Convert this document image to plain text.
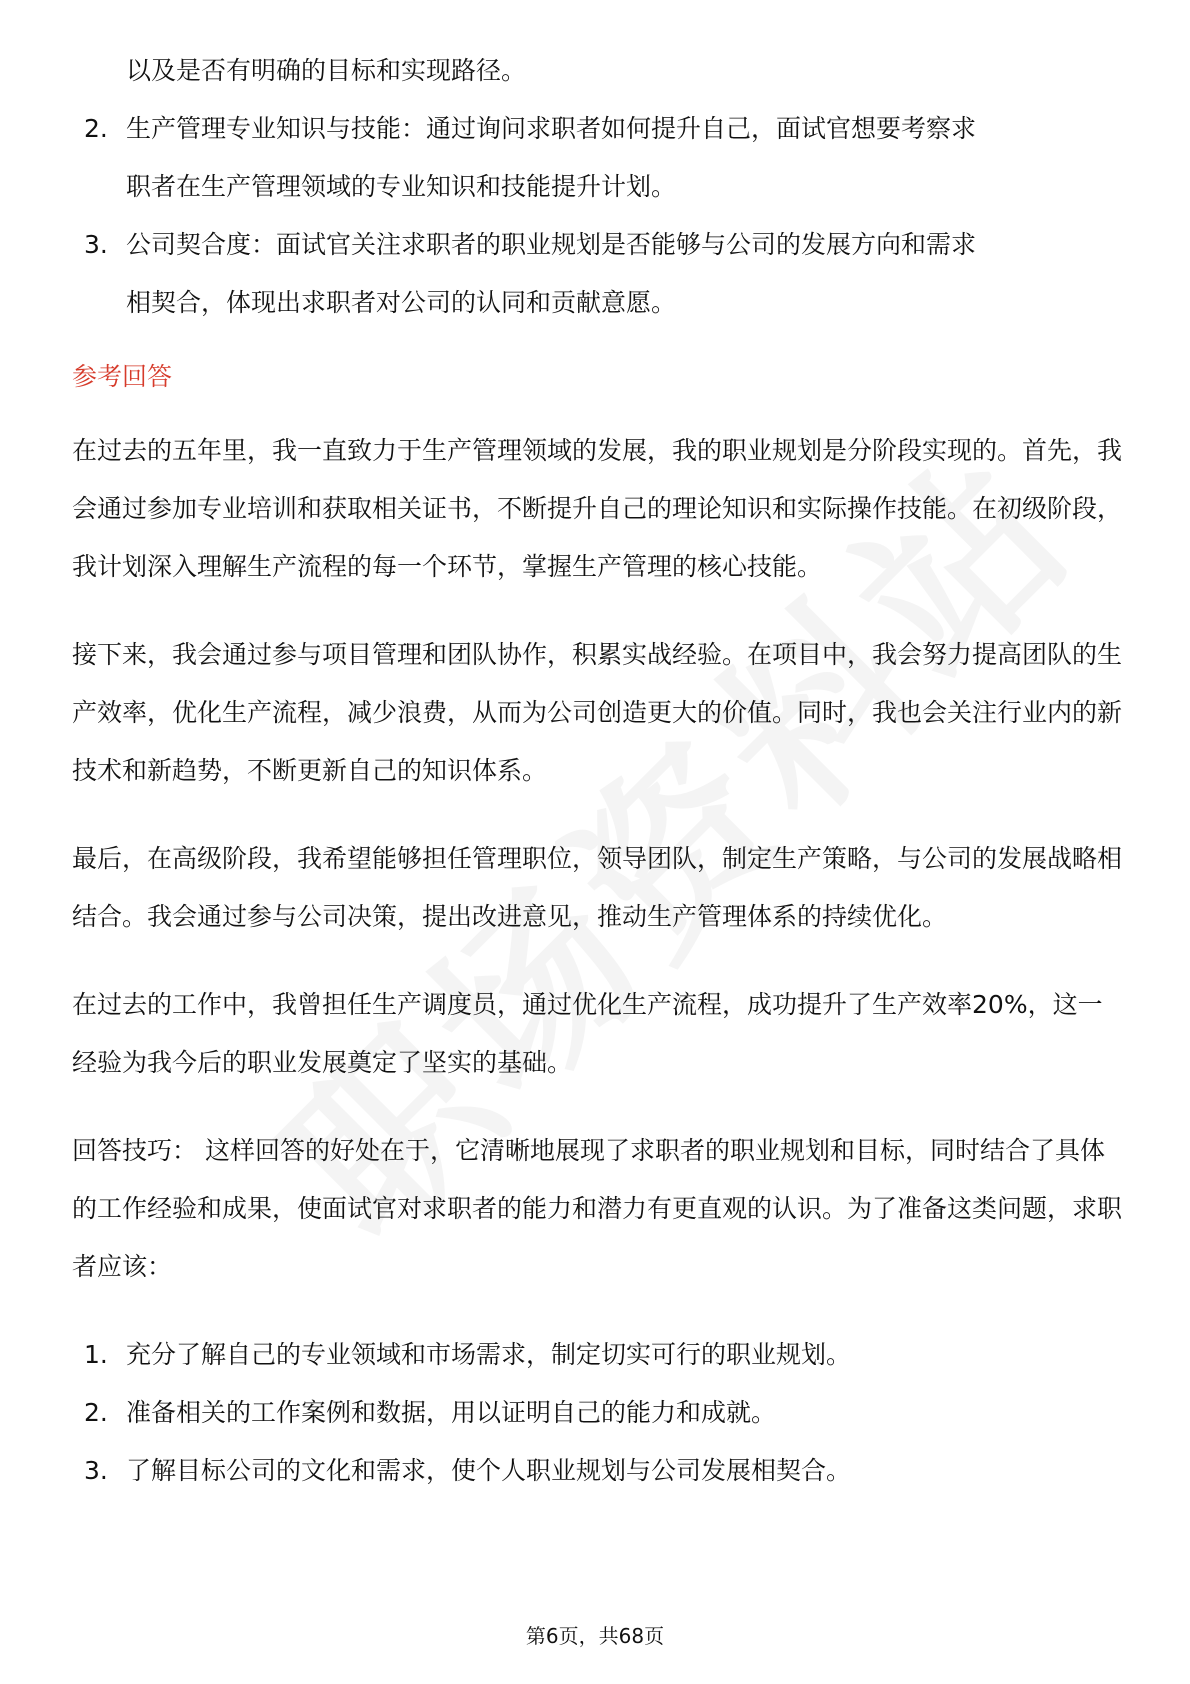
以及是否有明确的目标和实现路径。
2. 生产管理专业知识与技能：通过询问求职者如何提升自己，面试官想要考察求
职者在生产管理领域的专业知识和技能提升计划。
3. 公司契合度：面试官关注求职者的职业规划是否能够与公司的发展方向和需求
相契合，体现出求职者对公司的认同和贡献意愿。
参考回答

在过去的五年里，我一直致力于生产管理领域的发展，我的职业规划是分阶段实现的。首先，我会通过参加专业培训和获取相关证书，不断提升自己的理论知识和实际操作技能。在初级阶段，我计划深入理解生产流程的每一个环节，掌握生产管理的核心技能。

接下来，我会通过参与项目管理和团队协作，积累实战经验。在项目中，我会努力提高团队的生产效率，优化生产流程，减少浪费，从而为公司创造更大的价值。同时，我也会关注行业内的新技术和新趋势，不断更新自己的知识体系。

最后，在高级阶段，我希望能够担任管理职位，领导团队，制定生产策略，与公司的发展战略相结合。我会通过参与公司决策，提出改进意见，推动生产管理体系的持续优化。

在过去的工作中，我曾担任生产调度员，通过优化生产流程，成功提升了生产效率20%，这一经验为我今后的职业发展奠定了坚实的基础。

回答技巧： 这样回答的好处在于，它清晰地展现了求职者的职业规划和目标，同时结合了具体的工作经验和成果，使面试官对求职者的能力和潜力有更直观的认识。为了准备这类问题，求职者应该：

1. 充分了解自己的专业领域和市场需求，制定切实可行的职业规划。
2. 准备相关的工作案例和数据，用以证明自己的能力和成就。
3. 了解目标公司的文化和需求，使个人职业规划与公司发展相契合。
第6页，共68页
